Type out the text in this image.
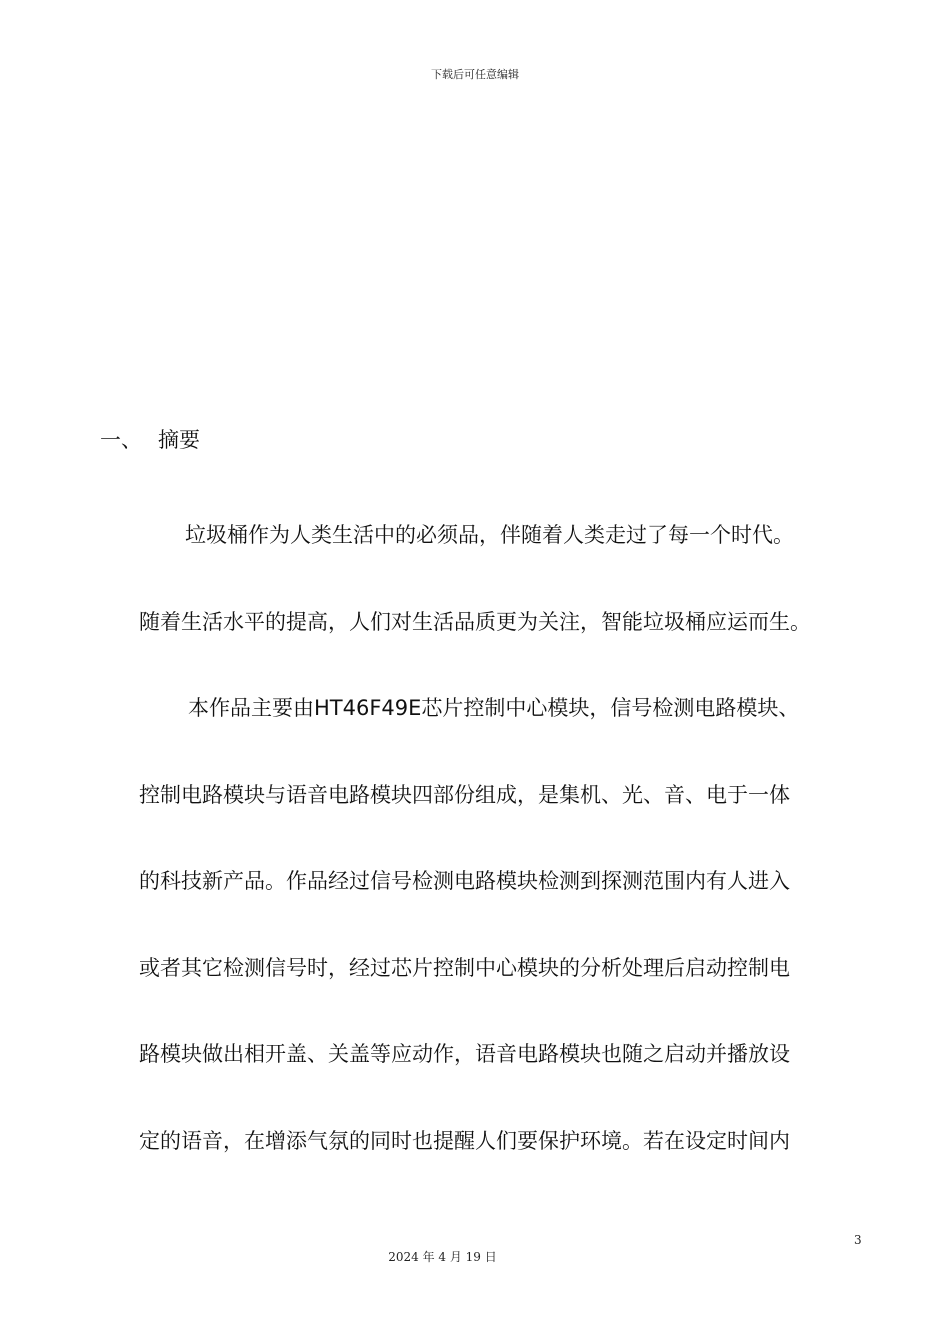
下载后可任意编辑
一、 摘要
垃圾桶作为人类生活中的必须品，伴随着人类走过了每一个时代。
随着生活水平的提高，人们对生活品质更为关注，智能垃圾桶应运而生。
本作品主要由HT46F49E芯片控制中心模块，信号检测电路模块、
控制电路模块与语音电路模块四部份组成，是集机、光、音、电于一体
的科技新产品。作品经过信号检测电路模块检测到探测范围内有人进入
或者其它检测信号时，经过芯片控制中心模块的分析处理后启动控制电
路模块做出相开盖、关盖等应动作，语音电路模块也随之启动并播放设
定的语音，在增添气氛的同时也提醒人们要保护环境。若在设定时间内
3
2024 年 4 月 19 日
